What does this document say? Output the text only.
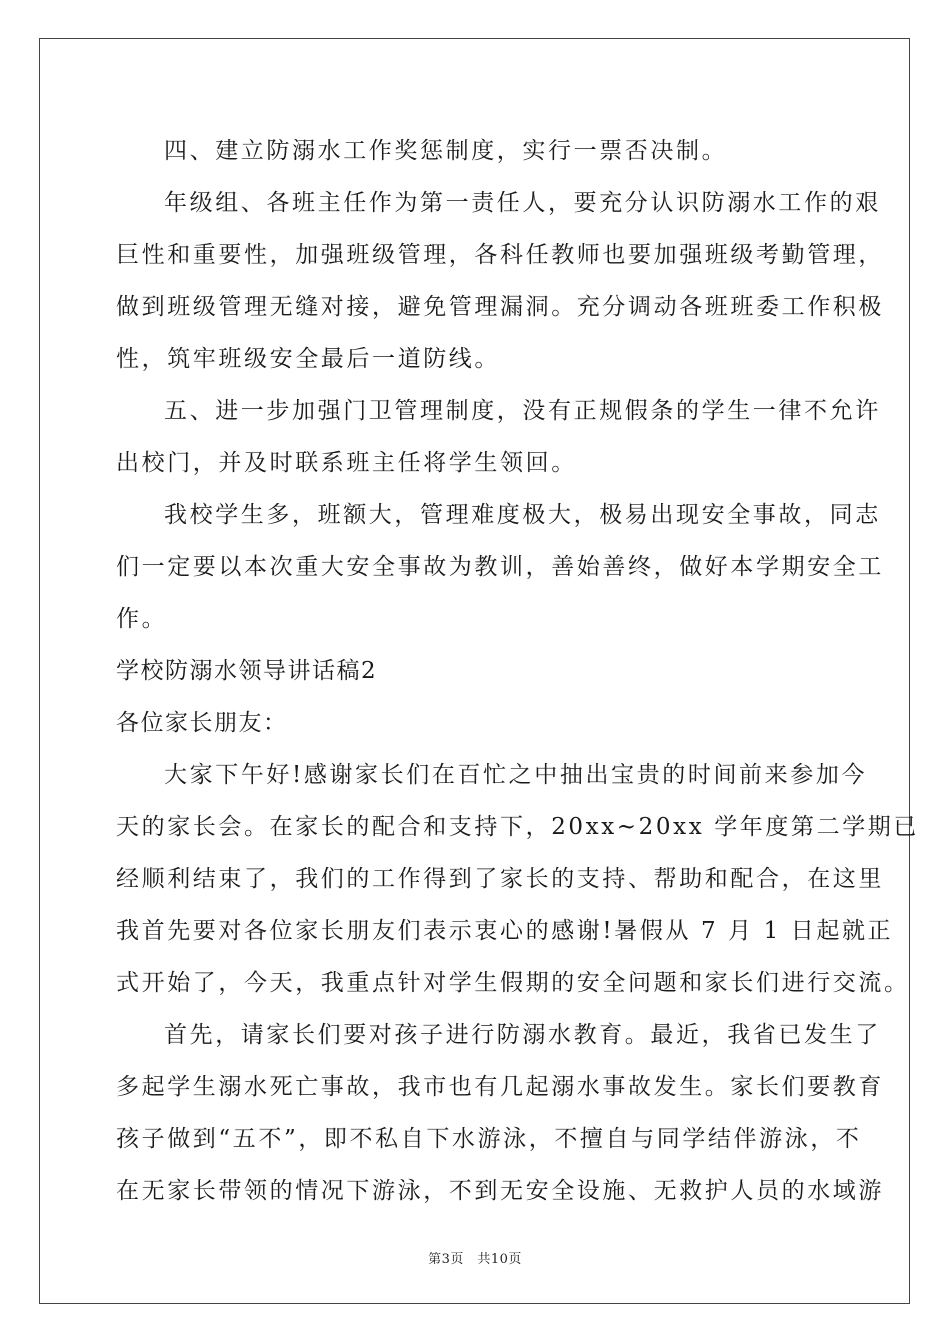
四、建立防溺水工作奖惩制度，实行一票否决制。
年级组、各班主任作为第一责任人，要充分认识防溺水工作的艰
巨性和重要性，加强班级管理，各科任教师也要加强班级考勤管理，
做到班级管理无缝对接，避免管理漏洞。充分调动各班班委工作积极
性，筑牢班级安全最后一道防线。
五、进一步加强门卫管理制度，没有正规假条的学生一律不允许
出校门，并及时联系班主任将学生领回。
我校学生多，班额大，管理难度极大，极易出现安全事故，同志
们一定要以本次重大安全事故为教训，善始善终，做好本学期安全工
作。
学校防溺水领导讲话稿2
各位家长朋友：
大家下午好!感谢家长们在百忙之中抽出宝贵的时间前来参加今
天的家长会。在家长的配合和支持下，20xx~20xx 学年度第二学期已
经顺利结束了，我们的工作得到了家长的支持、帮助和配合，在这里
我首先要对各位家长朋友们表示衷心的感谢!暑假从 7 月 1 日起就正
式开始了，今天，我重点针对学生假期的安全问题和家长们进行交流。
首先，请家长们要对孩子进行防溺水教育。最近，我省已发生了
多起学生溺水死亡事故，我市也有几起溺水事故发生。家长们要教育
孩子做到“五不”，即不私自下水游泳，不擅自与同学结伴游泳，不
在无家长带领的情况下游泳，不到无安全设施、无救护人员的水域游
第3页　共10页
